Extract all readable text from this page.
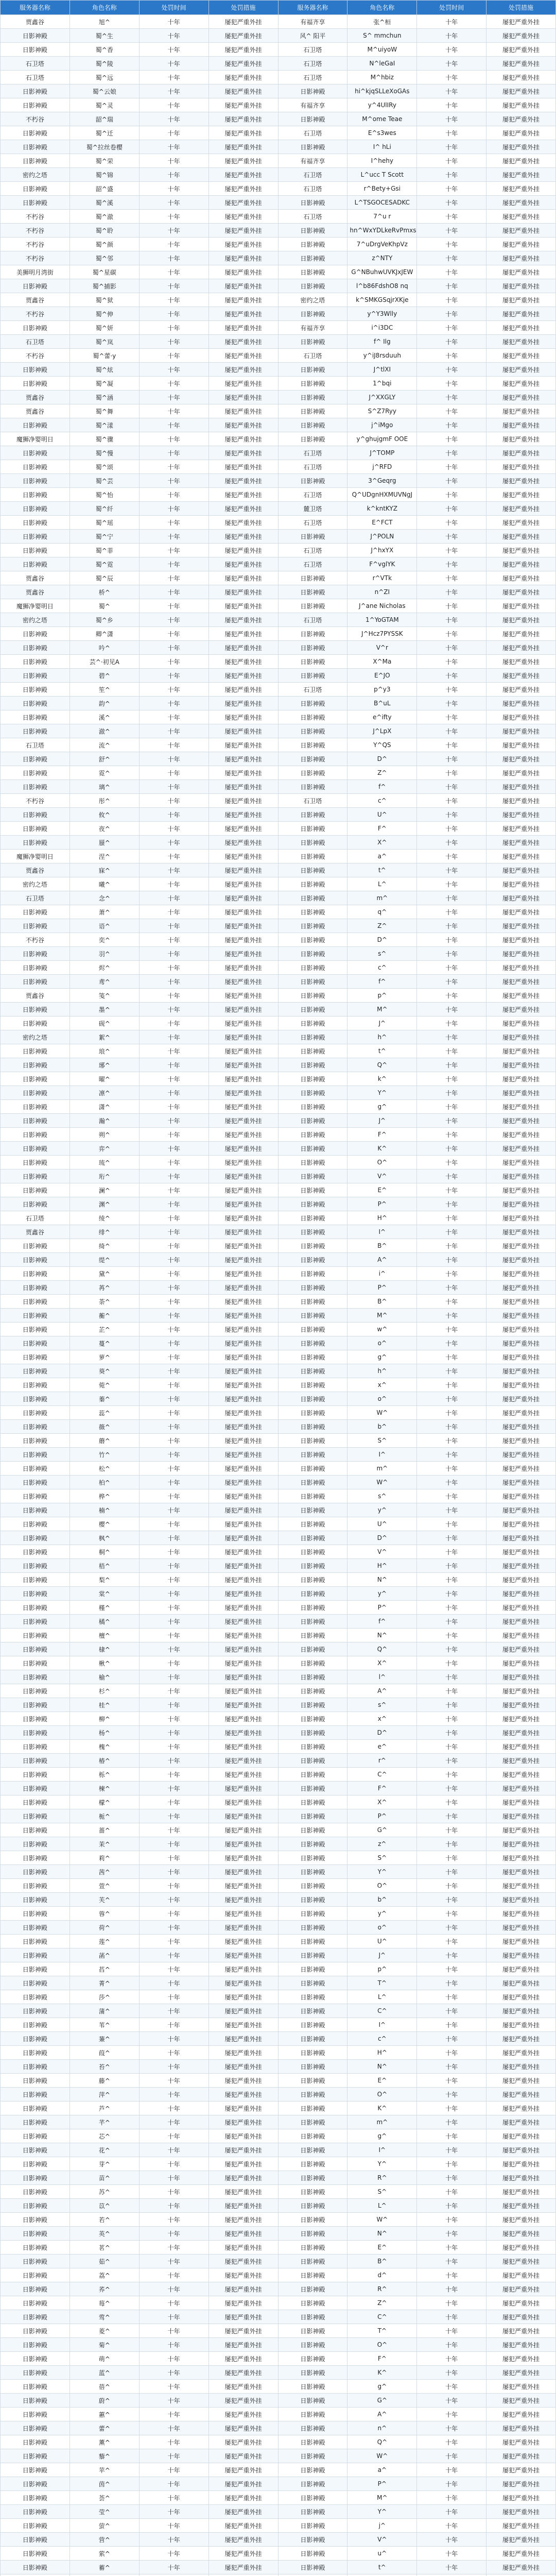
服务器名称	角色名称	处罚时间	处罚措施	服务器名称	角色名称	处罚时间	处罚措施
贾鑫谷	旭^	十年	屡犯严重外挂	有福齐享	张^桓	十年	屡犯严重外挂
日影神殿	蜀^生	十年	屡犯严重外挂	风^ 阳平	S^ mmchun	十年	屡犯严重外挂
日影神殿	蜀^香	十年	屡犯严重外挂	石卫塔	M^uiyoW	十年	屡犯严重外挂
石卫塔	蜀^陵	十年	屡犯严重外挂	石卫塔	N^leGaI	十年	屡犯严重外挂
石卫塔	蜀^远	十年	屡犯严重外挂	石卫塔	M^hbiz	十年	屡犯严重外挂
日影神殿	蜀^云娘	十年	屡犯严重外挂	日影神殿	hi^kjqSLLeXoGAs	十年	屡犯严重外挂
日影神殿	蜀^灵	十年	屡犯严重外挂	有福齐享	y^4UlIRy	十年	屡犯严重外挂
不朽谷	韶^瑞	十年	屡犯严重外挂	日影神殿	M^ome Teae	十年	屡犯严重外挂
日影神殿	蜀^迁	十年	屡犯严重外挂	石卫塔	E^s3wes	十年	屡犯严重外挂
日影神殿	蜀^拉丝卷樱	十年	屡犯严重外挂	日影神殿	I^ hLi	十年	屡犯严重外挂
日影神殿	蜀^荣	十年	屡犯严重外挂	有福齐享	I^hehy	十年	屡犯严重外挂
密约之塔	蜀^锦	十年	屡犯严重外挂	石卫塔	L^ucc T Scott	十年	屡犯严重外挂
日影神殿	韶^盛	十年	屡犯严重外挂	石卫塔	r^Bety+Gsi	十年	屡犯严重外挂
日影神殿	蜀^溪	十年	屡犯严重外挂	日影神殿	L^TSGOCESADKC	十年	屡犯严重外挂
不朽谷	蜀^澈	十年	屡犯严重外挂	石卫塔	7^u r	十年	屡犯严重外挂
不朽谷	蜀^聆	十年	屡犯严重外挂	日影神殿	hn^WxYDLkeRvPmxs	十年	屡犯严重外挂
不朽谷	蜀^颜	十年	屡犯严重外挂	日影神殿	7^uDrgVeKhpVz	十年	屡犯严重外挂
不朽谷	蜀^邻	十年	屡犯严重外挂	日影神殿	z^NTY	十年	屡犯严重外挂
美狮明月湾街	蜀^星碳	十年	屡犯严重外挂	日影神殿	G^NBuhwUVKJxJEW	十年	屡犯严重外挂
日影神殿	蜀^捕影	十年	屡犯严重外挂	日影神殿	l^b86FdshO8 nq	十年	屡犯严重外挂
贾鑫谷	蜀^狱	十年	屡犯严重外挂	密约之塔	k^SMKGSqjrXKje	十年	屡犯严重外挂
不朽谷	蜀^伸	十年	屡犯严重外挂	日影神殿	y^Y3Wlly	十年	屡犯严重外挂
日影神殿	蜀^妍	十年	屡犯严重外挂	有福齐享	i^i3DC	十年	屡犯严重外挂
石卫塔	蜀^岚	十年	屡犯严重外挂	日影神殿	f^ Ilg	十年	屡犯严重外挂
不朽谷	蜀^蕾·y	十年	屡犯严重外挂	石卫塔	y^iJ8rsduuh	十年	屡犯严重外挂
日影神殿	蜀^炫	十年	屡犯严重外挂	日影神殿	J^tlXI	十年	屡犯严重外挂
日影神殿	蜀^凝	十年	屡犯严重外挂	日影神殿	1^bqi	十年	屡犯严重外挂
贾鑫谷	蜀^涵	十年	屡犯严重外挂	日影神殿	J^XXGLY	十年	屡犯严重外挂
贾鑫谷	蜀^舞	十年	屡犯严重外挂	日影神殿	S^Z7Ryy	十年	屡犯严重外挂
日影神殿	蜀^漾	十年	屡犯严重外挂	日影神殿	j^iMgo	十年	屡犯严重外挂
魔狮净婴明日	蜀^骤	十年	屡犯严重外挂	日影神殿	y^ghujgmF OOE	十年	屡犯严重外挂
日影神殿	蜀^慢	十年	屡犯严重外挂	石卫塔	J^TOMP	十年	屡犯严重外挂
日影神殿	蜀^颂	十年	屡犯严重外挂	石卫塔	j^RFD	十年	屡犯严重外挂
日影神殿	蜀^芸	十年	屡犯严重外挂	日影神殿	3^Geqrg	十年	屡犯严重外挂
日影神殿	蜀^怡	十年	屡犯严重外挂	石卫塔	Q^UDgnHXMUVNgJ	十年	屡犯严重外挂
日影神殿	蜀^纤	十年	屡犯严重外挂	麓卫塔	k^kntKYZ	十年	屡犯严重外挂
日影神殿	蜀^瑶	十年	屡犯严重外挂	石卫塔	E^FCT	十年	屡犯严重外挂
日影神殿	蜀^宁	十年	屡犯严重外挂	日影神殿	J^POLN	十年	屡犯严重外挂
日影神殿	蜀^菲	十年	屡犯严重外挂	石卫塔	J^hxYX	十年	屡犯严重外挂
日影神殿	蜀^霓	十年	屡犯严重外挂	石卫塔	F^vglYK	十年	屡犯严重外挂
贾鑫谷	蜀^辰	十年	屡犯严重外挂	日影神殿	r^VTk	十年	屡犯严重外挂
贾鑫谷	桥^	十年	屡犯严重外挂	日影神殿	n^ZI	十年	屡犯严重外挂
魔狮净婴明日	蜀^	十年	屡犯严重外挂	日影神殿	J^ane Nicholas	十年	屡犯严重外挂
密约之塔	蜀^乡	十年	屡犯严重外挂	石卫塔	1^YoGTAM	十年	屡犯严重外挂
日影神殿	卿^潇	十年	屡犯严重外挂	日影神殿	J^Hcz7PYSSK	十年	屡犯严重外挂
日影神殿	吟^	十年	屡犯严重外挂	日影神殿	V^r	十年	屡犯严重外挂
日影神殿	芸^·初见A	十年	屡犯严重外挂	日影神殿	X^Ma	十年	屡犯严重外挂
日影神殿	碧^	十年	屡犯严重外挂	日影神殿	E^JO	十年	屡犯严重外挂
日影神殿	笙^	十年	屡犯严重外挂	石卫塔	p^y3	十年	屡犯严重外挂
日影神殿	韵^	十年	屡犯严重外挂	日影神殿	B^uL	十年	屡犯严重外挂
日影神殿	溪^	十年	屡犯严重外挂	日影神殿	e^ifty	十年	屡犯严重外挂
日影神殿	澈^	十年	屡犯严重外挂	日影神殿	J^LpX	十年	屡犯严重外挂
石卫塔	流^	十年	屡犯严重外挂	日影神殿	Y^QS	十年	屡犯严重外挂
日影神殿	舒^	十年	屡犯严重外挂	日影神殿	D^	十年	屡犯严重外挂
日影神殿	霓^	十年	屡犯严重外挂	日影神殿	Z^	十年	屡犯严重外挂
日影神殿	璃^	十年	屡犯严重外挂	日影神殿	f^	十年	屡犯严重外挂
不朽谷	彤^	十年	屡犯严重外挂	石卫塔	c^	十年	屡犯严重外挂
日影神殿	攸^	十年	屡犯严重外挂	日影神殿	U^	十年	屡犯严重外挂
日影神殿	夜^	十年	屡犯严重外挂	日影神殿	F^	十年	屡犯严重外挂
日影神殿	蜃^	十年	屡犯严重外挂	日影神殿	X^	十年	屡犯严重外挂
魔狮净婴明日	涅^	十年	屡犯严重外挂	日影神殿	a^	十年	屡犯严重外挂
贾鑫谷	寐^	十年	屡犯严重外挂	日影神殿	t^	十年	屡犯严重外挂
密约之塔	曦^	十年	屡犯严重外挂	日影神殿	L^	十年	屡犯严重外挂
石卫塔	念^	十年	屡犯严重外挂	日影神殿	m^	十年	屡犯严重外挂
日影神殿	萧^	十年	屡犯严重外挂	日影神殿	q^	十年	屡犯严重外挂
日影神殿	语^	十年	屡犯严重外挂	日影神殿	Z^	十年	屡犯严重外挂
不朽谷	奕^	十年	屡犯严重外挂	日影神殿	D^	十年	屡犯严重外挂
日影神殿	羽^	十年	屡犯严重外挂	日影神殿	s^	十年	屡犯严重外挂
日影神殿	烬^	十年	屡犯严重外挂	日影神殿	c^	十年	屡犯严重外挂
日影神殿	鸢^	十年	屡犯严重外挂	日影神殿	f^	十年	屡犯严重外挂
贾鑫谷	笺^	十年	屡犯严重外挂	日影神殿	p^	十年	屡犯严重外挂
日影神殿	墨^	十年	屡犯严重外挂	日影神殿	M^	十年	屡犯严重外挂
日影神殿	砚^	十年	屡犯严重外挂	日影神殿	J^	十年	屡犯严重外挂
密约之塔	絮^	十年	屡犯严重外挂	日影神殿	h^	十年	屡犯严重外挂
日影神殿	琅^	十年	屡犯严重外挂	日影神殿	t^	十年	屡犯严重外挂
日影神殿	琊^	十年	屡犯严重外挂	日影神殿	Q^	十年	屡犯严重外挂
日影神殿	曜^	十年	屡犯严重外挂	日影神殿	k^	十年	屡犯严重外挂
日影神殿	凛^	十年	屡犯严重外挂	日影神殿	Y^	十年	屡犯严重外挂
日影神殿	潇^	十年	屡犯严重外挂	日影神殿	g^	十年	屡犯严重外挂
日影神殿	瀚^	十年	屡犯严重外挂	日影神殿	J^	十年	屡犯严重外挂
日影神殿	朔^	十年	屡犯严重外挂	日影神殿	F^	十年	屡犯严重外挂
日影神殿	弈^	十年	屡犯严重外挂	日影神殿	K^	十年	屡犯严重外挂
日影神殿	琉^	十年	屡犯严重外挂	日影神殿	O^	十年	屡犯严重外挂
日影神殿	珩^	十年	屡犯严重外挂	日影神殿	V^	十年	屡犯严重外挂
日影神殿	澜^	十年	屡犯严重外挂	日影神殿	E^	十年	屡犯严重外挂
日影神殿	渊^	十年	屡犯严重外挂	日影神殿	P^	十年	屡犯严重外挂
石卫塔	绫^	十年	屡犯严重外挂	日影神殿	H^	十年	屡犯严重外挂
贾鑫谷	绯^	十年	屡犯严重外挂	日影神殿	I^	十年	屡犯严重外挂
日影神殿	绮^	十年	屡犯严重外挂	日影神殿	B^	十年	屡犯严重外挂
日影神殿	缇^	十年	屡犯严重外挂	日影神殿	A^	十年	屡犯严重外挂
日影神殿	黛^	十年	屡犯严重外挂	日影神殿	i^	十年	屡犯严重外挂
日影神殿	苒^	十年	屡犯严重外挂	日影神殿	P^	十年	屡犯严重外挂
日影神殿	荼^	十年	屡犯严重外挂	日影神殿	B^	十年	屡犯严重外挂
日影神殿	蘅^	十年	屡犯严重外挂	日影神殿	M^	十年	屡犯严重外挂
日影神殿	芷^	十年	屡犯严重外挂	日影神殿	w^	十年	屡犯严重外挂
日影神殿	蔓^	十年	屡犯严重外挂	日影神殿	o^	十年	屡犯严重外挂
日影神殿	萝^	十年	屡犯严重外挂	日影神殿	g^	十年	屡犯严重外挂
日影神殿	葵^	十年	屡犯严重外挂	日影神殿	h^	十年	屡犯严重外挂
日影神殿	菀^	十年	屡犯严重外挂	日影神殿	x^	十年	屡犯严重外挂
日影神殿	蓁^	十年	屡犯严重外挂	日影神殿	o^	十年	屡犯严重外挂
日影神殿	蕊^	十年	屡犯严重外挂	日影神殿	W^	十年	屡犯严重外挂
日影神殿	薇^	十年	屡犯严重外挂	日影神殿	b^	十年	屡犯严重外挂
日影神殿	蘑^	十年	屡犯严重外挂	日影神殿	S^	十年	屡犯严重外挂
日影神殿	竹^	十年	屡犯严重外挂	日影神殿	I^	十年	屡犯严重外挂
日影神殿	松^	十年	屡犯严重外挂	日影神殿	m^	十年	屡犯严重外挂
日影神殿	柏^	十年	屡犯严重外挂	日影神殿	W^	十年	屡犯严重外挂
日影神殿	桦^	十年	屡犯严重外挂	日影神殿	s^	十年	屡犯严重外挂
日影神殿	楠^	十年	屡犯严重外挂	日影神殿	y^	十年	屡犯严重外挂
日影神殿	樱^	十年	屡犯严重外挂	日影神殿	U^	十年	屡犯严重外挂
日影神殿	枫^	十年	屡犯严重外挂	日影神殿	D^	十年	屡犯严重外挂
日影神殿	桐^	十年	屡犯严重外挂	日影神殿	V^	十年	屡犯严重外挂
日影神殿	梧^	十年	屡犯严重外挂	日影神殿	H^	十年	屡犯严重外挂
日影神殿	梨^	十年	屡犯严重外挂	日影神殿	N^	十年	屡犯严重外挂
日影神殿	棠^	十年	屡犯严重外挂	日影神殿	y^	十年	屡犯严重外挂
日影神殿	槿^	十年	屡犯严重外挂	日影神殿	P^	十年	屡犯严重外挂
日影神殿	橘^	十年	屡犯严重外挂	日影神殿	f^	十年	屡犯严重外挂
日影神殿	檀^	十年	屡犯严重外挂	日影神殿	N^	十年	屡犯严重外挂
日影神殿	棣^	十年	屡犯严重外挂	日影神殿	Q^	十年	屡犯严重外挂
日影神殿	楸^	十年	屡犯严重外挂	日影神殿	X^	十年	屡犯严重外挂
日影神殿	榆^	十年	屡犯严重外挂	日影神殿	l^	十年	屡犯严重外挂
日影神殿	杉^	十年	屡犯严重外挂	日影神殿	A^	十年	屡犯严重外挂
日影神殿	桂^	十年	屡犯严重外挂	日影神殿	s^	十年	屡犯严重外挂
日影神殿	柳^	十年	屡犯严重外挂	日影神殿	x^	十年	屡犯严重外挂
日影神殿	杨^	十年	屡犯严重外挂	日影神殿	D^	十年	屡犯严重外挂
日影神殿	槐^	十年	屡犯严重外挂	日影神殿	e^	十年	屡犯严重外挂
日影神殿	椿^	十年	屡犯严重外挂	日影神殿	r^	十年	屡犯严重外挂
日影神殿	栎^	十年	屡犯严重外挂	日影神殿	C^	十年	屡犯严重外挂
日影神殿	楝^	十年	屡犯严重外挂	日影神殿	F^	十年	屡犯严重外挂
日影神殿	檬^	十年	屡犯严重外挂	日影神殿	X^	十年	屡犯严重外挂
日影神殿	栀^	十年	屡犯严重外挂	日影神殿	P^	十年	屡犯严重外挂
日影神殿	蔷^	十年	屡犯严重外挂	日影神殿	G^	十年	屡犯严重外挂
日影神殿	茉^	十年	屡犯严重外挂	日影神殿	z^	十年	屡犯严重外挂
日影神殿	莉^	十年	屡犯严重外挂	日影神殿	S^	十年	屡犯严重外挂
日影神殿	茜^	十年	屡犯严重外挂	日影神殿	Y^	十年	屡犯严重外挂
日影神殿	萱^	十年	屡犯严重外挂	日影神殿	O^	十年	屡犯严重外挂
日影神殿	芙^	十年	屡犯严重外挂	日影神殿	b^	十年	屡犯严重外挂
日影神殿	蓉^	十年	屡犯严重外挂	日影神殿	y^	十年	屡犯严重外挂
日影神殿	荷^	十年	屡犯严重外挂	日影神殿	o^	十年	屡犯严重外挂
日影神殿	莲^	十年	屡犯严重外挂	日影神殿	U^	十年	屡犯严重外挂
日影神殿	菡^	十年	屡犯严重外挂	日影神殿	J^	十年	屡犯严重外挂
日影神殿	萏^	十年	屡犯严重外挂	日影神殿	p^	十年	屡犯严重外挂
日影神殿	菁^	十年	屡犯严重外挂	日影神殿	T^	十年	屡犯严重外挂
日影神殿	莎^	十年	屡犯严重外挂	日影神殿	L^	十年	屡犯严重外挂
日影神殿	蒲^	十年	屡犯严重外挂	日影神殿	C^	十年	屡犯严重外挂
日影神殿	苇^	十年	屡犯严重外挂	日影神殿	I^	十年	屡犯严重外挂
日影神殿	蒹^	十年	屡犯严重外挂	日影神殿	c^	十年	屡犯严重外挂
日影神殿	葭^	十年	屡犯严重外挂	日影神殿	H^	十年	屡犯严重外挂
日影神殿	苔^	十年	屡犯严重外挂	日影神殿	N^	十年	屡犯严重外挂
日影神殿	藤^	十年	屡犯严重外挂	日影神殿	E^	十年	屡犯严重外挂
日影神殿	萍^	十年	屡犯严重外挂	日影神殿	O^	十年	屡犯严重外挂
日影神殿	芦^	十年	屡犯严重外挂	日影神殿	K^	十年	屡犯严重外挂
日影神殿	芊^	十年	屡犯严重外挂	日影神殿	m^	十年	屡犯严重外挂
日影神殿	芯^	十年	屡犯严重外挂	日影神殿	g^	十年	屡犯严重外挂
日影神殿	花^	十年	屡犯严重外挂	日影神殿	I^	十年	屡犯严重外挂
日影神殿	芽^	十年	屡犯严重外挂	日影神殿	Y^	十年	屡犯严重外挂
日影神殿	苗^	十年	屡犯严重外挂	日影神殿	R^	十年	屡犯严重外挂
日影神殿	苏^	十年	屡犯严重外挂	日影神殿	S^	十年	屡犯严重外挂
日影神殿	苡^	十年	屡犯严重外挂	日影神殿	L^	十年	屡犯严重外挂
日影神殿	若^	十年	屡犯严重外挂	日影神殿	W^	十年	屡犯严重外挂
日影神殿	英^	十年	屡犯严重外挂	日影神殿	N^	十年	屡犯严重外挂
日影神殿	茗^	十年	屡犯严重外挂	日影神殿	E^	十年	屡犯严重外挂
日影神殿	茹^	十年	屡犯严重外挂	日影神殿	B^	十年	屡犯严重外挂
日影神殿	荔^	十年	屡犯严重外挂	日影神殿	d^	十年	屡犯严重外挂
日影神殿	荞^	十年	屡犯严重外挂	日影神殿	R^	十年	屡犯严重外挂
日影神殿	莓^	十年	屡犯严重外挂	日影神殿	Z^	十年	屡犯严重外挂
日影神殿	莺^	十年	屡犯严重外挂	日影神殿	C^	十年	屡犯严重外挂
日影神殿	菱^	十年	屡犯严重外挂	日影神殿	T^	十年	屡犯严重外挂
日影神殿	菊^	十年	屡犯严重外挂	日影神殿	O^	十年	屡犯严重外挂
日影神殿	萌^	十年	屡犯严重外挂	日影神殿	F^	十年	屡犯严重外挂
日影神殿	蓝^	十年	屡犯严重外挂	日影神殿	K^	十年	屡犯严重外挂
日影神殿	蓓^	十年	屡犯严重外挂	日影神殿	g^	十年	屡犯严重外挂
日影神殿	蔚^	十年	屡犯严重外挂	日影神殿	G^	十年	屡犯严重外挂
日影神殿	蕙^	十年	屡犯严重外挂	日影神殿	A^	十年	屡犯严重外挂
日影神殿	蕾^	十年	屡犯严重外挂	日影神殿	n^	十年	屡犯严重外挂
日影神殿	薰^	十年	屡犯严重外挂	日影神殿	Q^	十年	屡犯严重外挂
日影神殿	藜^	十年	屡犯严重外挂	日影神殿	W^	十年	屡犯严重外挂
日影神殿	苹^	十年	屡犯严重外挂	日影神殿	a^	十年	屡犯严重外挂
日影神殿	茵^	十年	屡犯严重外挂	日影神殿	P^	十年	屡犯严重外挂
日影神殿	荟^	十年	屡犯严重外挂	日影神殿	M^	十年	屡犯严重外挂
日影神殿	莹^	十年	屡犯严重外挂	日影神殿	Y^	十年	屡犯严重外挂
日影神殿	萤^	十年	屡犯严重外挂	日影神殿	j^	十年	屡犯严重外挂
日影神殿	营^	十年	屡犯严重外挂	日影神殿	V^	十年	屡犯严重外挂
日影神殿	萦^	十年	屡犯严重外挂	日影神殿	u^	十年	屡犯严重外挂
日影神殿	蓄^	十年	屡犯严重外挂	日影神殿	t^	十年	屡犯严重外挂
